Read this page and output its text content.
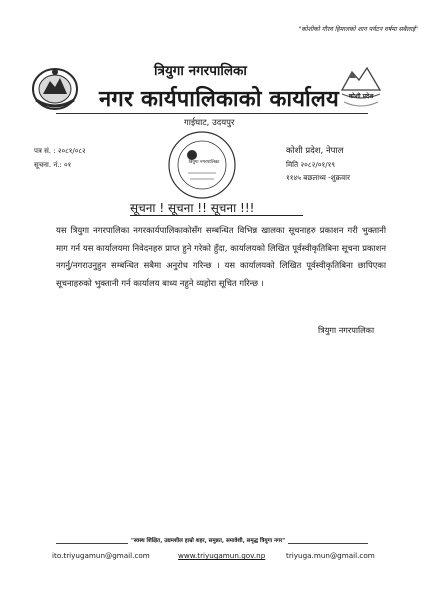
"कोशीको गौरव हिमालको शान पर्यटन वर्षमा सबैलाई"
त्रियुगा नगरपालिका
नगर कार्यपालिकाको कार्यालय	कोशी प्रदेश
गाईघाट, उदयपुर
पत्र सं. : २०८१/०८२
सूचना. नं.: ०१	त्रियुगा नगरपालिका
कोशी प्रदेश, नेपाल
मिति २०८२/०१/१९
११४५ बछलाथ्व -शुक्रवार
सूचना ! सूचना !! सूचना !!!
यस त्रियुगा नगरपालिका नगरकार्यपालिकाकोसँग सम्बन्धित विभिन्न खालका सूचनाहरु प्रकाशन गरी भुक्तानी माग गर्न यस कार्यालयमा निवेदनहरु प्राप्त हुने गरेको हुँदा, कार्यालयको लिखित पूर्वस्वीकृतिबिना सूचना प्रकाशन नगर्नु/नगराउनुहुन सम्बन्धित सबैमा अनुरोध गरिन्छ । यस कार्यालयको लिखित पूर्वस्वीकृतिबिना छापिएका सूचनाहरुको भुक्तानी गर्न कार्यालय बाध्य नहुने व्यहोरा सूचित गरिन्छ ।
त्रियुगा नगरपालिका
"स्वस्थ शिक्षित, उद्यमशील हाम्रो शहर, समुन्नत, समावेशी, समृद्ध त्रियुगा नगर"
ito.triyugamun@gmail.com	www.triyugamun.gov.np	triyuga.mun@gmail.com
